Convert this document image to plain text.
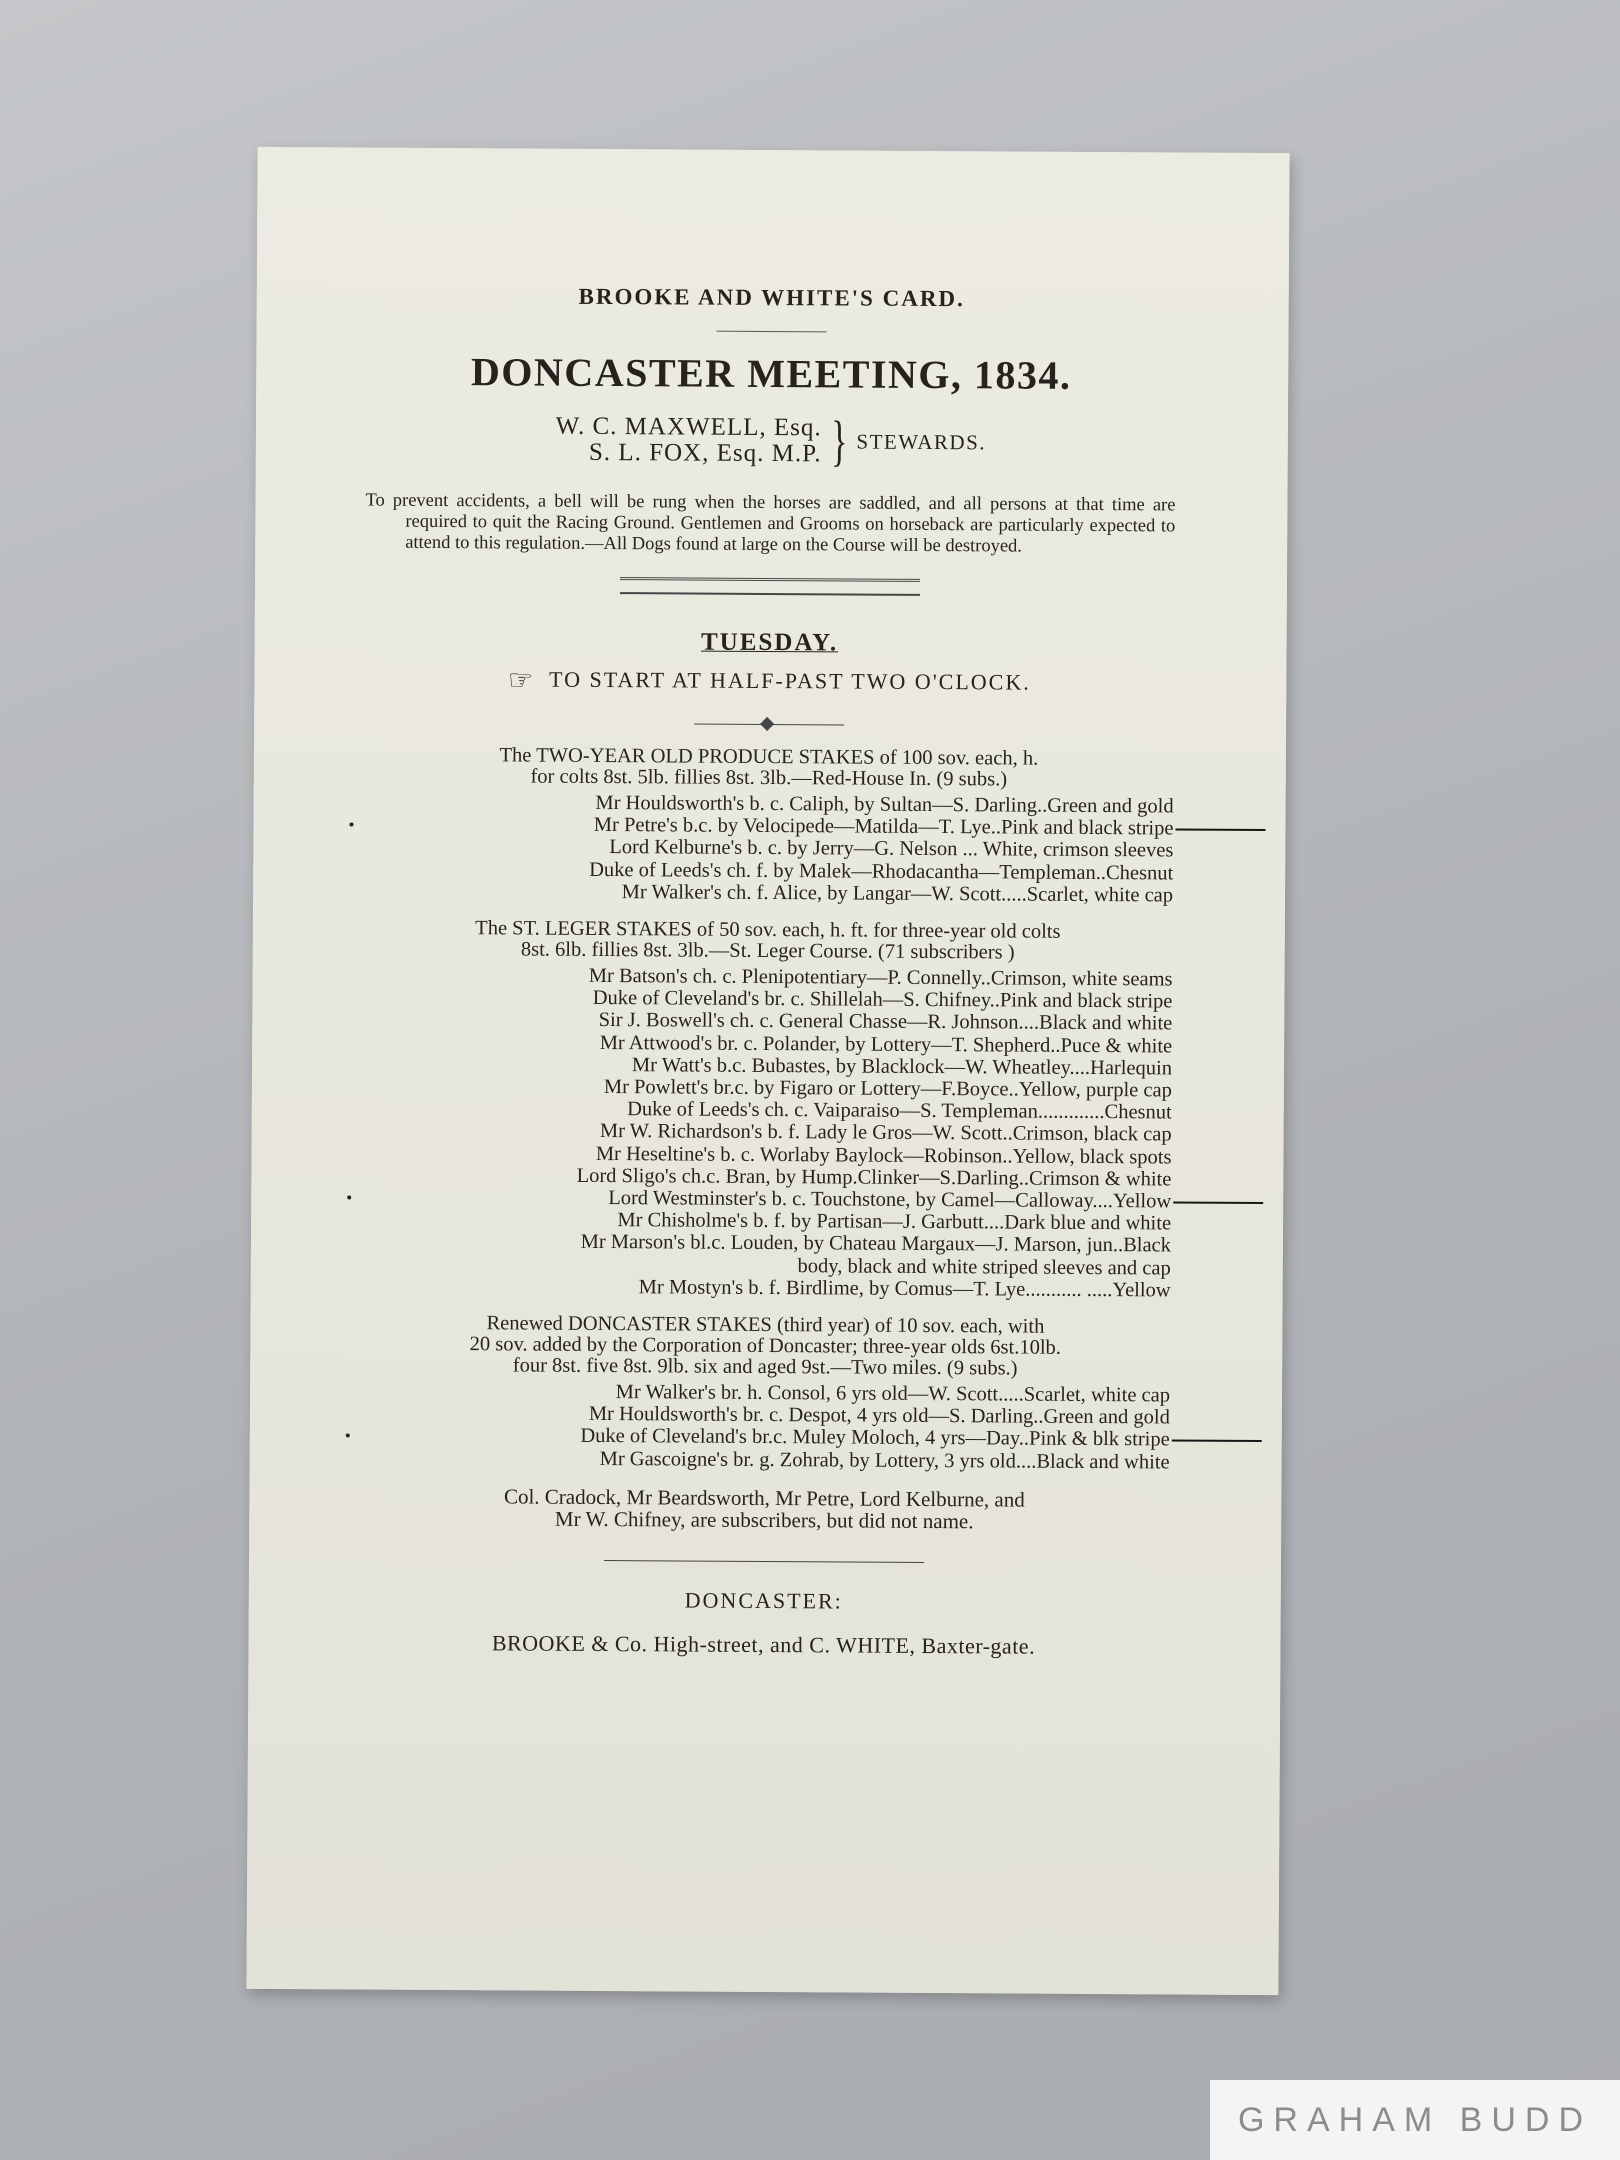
BROOKE AND WHITE'S CARD.
DONCASTER MEETING, 1834.
W. C. MAXWELL, Esq.
S. L. FOX, Esq. M.P. } STEWARDS.

To prevent accidents, a bell will be rung when the horses are saddled, and all persons at that time are required to quit the Racing Ground. Gentlemen and Grooms on horseback are particularly expected to attend to this regulation.—All Dogs found at large on the Course will be destroyed.

TUESDAY.
☞ TO START AT HALF-PAST TWO O'CLOCK.
The TWO-YEAR OLD PRODUCE STAKES of 100 sov. each, h.
for colts 8st. 5lb. fillies 8st. 3lb.—Red-House In. (9 subs.)
Mr Houldsworth's b. c. Caliph, by Sultan—S. Darling..Green and gold
Mr Petre's b.c. by Velocipede—Matilda—T. Lye..Pink and black stripe
Lord Kelburne's b. c. by Jerry—G. Nelson ... White, crimson sleeves
Duke of Leeds's ch. f. by Malek—Rhodacantha—Templeman..Chesnut
Mr Walker's ch. f. Alice, by Langar—W. Scott.....Scarlet, white cap
The ST. LEGER STAKES of 50 sov. each, h. ft. for three-year old colts
8st. 6lb. fillies 8st. 3lb.—St. Leger Course. (71 subscribers )
Mr Batson's ch. c. Plenipotentiary—P. Connelly..Crimson, white seams
Duke of Cleveland's br. c. Shillelah—S. Chifney..Pink and black stripe
Sir J. Boswell's ch. c. General Chasse—R. Johnson....Black and white
Mr Attwood's br. c. Polander, by Lottery—T. Shepherd..Puce & white
Mr Watt's b.c. Bubastes, by Blacklock—W. Wheatley....Harlequin
Mr Powlett's br.c. by Figaro or Lottery—F.Boyce..Yellow, purple cap
Duke of Leeds's ch. c. Vaiparaiso—S. Templeman.............Chesnut
Mr W. Richardson's b. f. Lady le Gros—W. Scott..Crimson, black cap
Mr Heseltine's b. c. Worlaby Baylock—Robinson..Yellow, black spots
Lord Sligo's ch.c. Bran, by Hump.Clinker—S.Darling..Crimson & white
Lord Westminster's b. c. Touchstone, by Camel—Calloway....Yellow
Mr Chisholme's b. f. by Partisan—J. Garbutt....Dark blue and white
Mr Marson's bl.c. Louden, by Chateau Margaux—J. Marson, jun..Black
body, black and white striped sleeves and cap
Mr Mostyn's b. f. Birdlime, by Comus—T. Lye........... .....Yellow
Renewed DONCASTER STAKES (third year) of 10 sov. each, with
20 sov. added by the Corporation of Doncaster; three-year olds 6st.10lb.
four 8st. five 8st. 9lb. six and aged 9st.—Two miles. (9 subs.)
Mr Walker's br. h. Consol, 6 yrs old—W. Scott.....Scarlet, white cap
Mr Houldsworth's br. c. Despot, 4 yrs old—S. Darling..Green and gold
Duke of Cleveland's br.c. Muley Moloch, 4 yrs—Day..Pink & blk stripe
Mr Gascoigne's br. g. Zohrab, by Lottery, 3 yrs old....Black and white
Col. Cradock, Mr Beardsworth, Mr Petre, Lord Kelburne, and
Mr W. Chifney, are subscribers, but did not name.
DONCASTER:
BROOKE & Co. High-street, and C. WHITE, Baxter-gate.
GRAHAM BUDD
